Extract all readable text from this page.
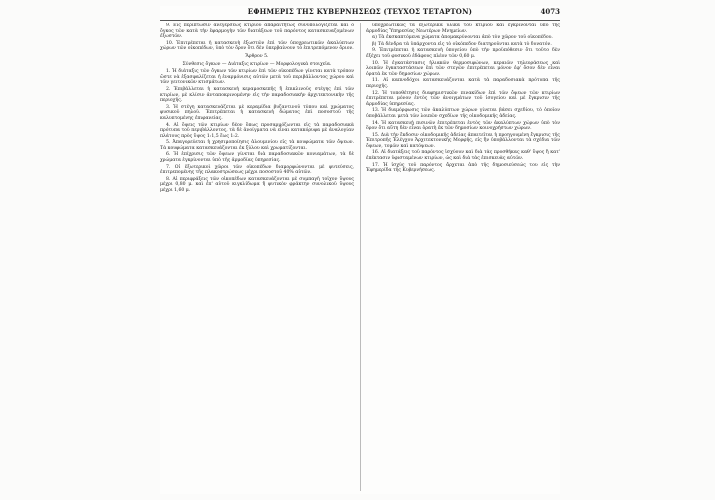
ΕΦΗΜΕΡΙΣ ΤΗΣ ΚΥΒΕΡΝΗΣΕΩΣ (ΤΕΥΧΟΣ ΤΕΤΑΡΤΟΝ)	4073

9. Εἰς περίπτωσιν ἀνεγέρσεως κτιρίου ἀπαραιτήτως συνυπολογίζεται καὶ ὁ ὄγκος τῶν κατὰ τὴν ἐφαρμογὴν τῶν διατάξεων τοῦ παρόντος κατασκευαζομένων ἐξωστῶν.

10. Ἐπιτρέπεται ἡ κατασκευὴ ἐξωστῶν ἐπὶ τῶν ὑποχρεωτικῶν ἀκαλύπτων χώρων τῶν οἰκοπέδων, ὑπὸ τὸν ὅρον ὅτι δὲν ὑπερβαίνουν τὸ ἐπιτρεπόμενον ὄριον.

Ἄρθρον 5.

Σύνθεσις ὄγκων — Διάταξις κτιρίων — Μορφολογικὰ στοιχεῖα.

1. Ἡ διάταξις τῶν ὄγκων τῶν κτιρίων ἐπὶ τῶν οἰκοπέδων γίνεται κατὰ τρόπον ὥστε νὰ ἐξασφαλίζεται ἡ ἐναρμόνισις αὐτῶν μετὰ τοῦ περιβάλλοντος χώρου καὶ τῶν γειτονικῶν κτισμάτων.

2. Ἐπιβάλλεται ἡ κατασκευὴ κεραμοσκεπῆς ἢ ἐπικλινοῦς στέγης ἐπὶ τῶν κτιρίων, μὲ κλίσιν ἀνταποκρινομένην εἰς τὴν παραδοσιακὴν ἀρχιτεκτονικὴν τῆς περιοχῆς.

3. Ἡ στέγη κατασκευάζεται μὲ κεραμίδια βυζαντινοῦ τύπου καὶ χρώματος φυσικοῦ πηλοῦ. Ἐπιτρέπεται ἡ κατασκευὴ δώματος ἐπὶ ποσοστοῦ τῆς καλυπτομένης ἐπιφανείας.

4. Αἱ ὄψεις τῶν κτιρίων δέον ὅπως προσαρμόζωνται εἰς τὰ παραδοσιακὰ πρότυπα τοῦ περιβάλλοντος, τὰ δὲ ἀνοίγματα νὰ εἶναι κατακόρυφα μὲ ἀναλογίαν πλάτους πρὸς ὕψος 1:1,5 ἕως 1:2.

5. Ἀπαγορεύεται ἡ χρησιμοποίησις ἀλουμινίου εἰς τὰ κουφώματα τῶν ὄψεων. Τὰ κουφώματα κατασκευάζονται ἐκ ξύλου καὶ χρωματίζονται.

6. Ἡ ἐπίχρισις τῶν ὄψεων γίνεται διὰ παραδοσιακῶν κονιαμάτων, τὰ δὲ χρώματα ἐγκρίνονται ὑπὸ τῆς ἁρμοδίας ὑπηρεσίας.

7. Οἱ ἐξωτερικοὶ χῶροι τῶν οἰκοπέδων διαμορφώνονται μὲ φυτεύσεις, ἐπιτρεπομένης τῆς πλακοστρώσεως μέχρι ποσοστοῦ 40% αὐτῶν.

8. Αἱ περιφράξεις τῶν οἰκοπέδων κατασκευάζονται μὲ συμπαγῆ τοῖχον ὕψους μέχρι 0,80 μ. καὶ ἐπ' αὐτοῦ κιγκλίδωμα ἢ φυτικὸν φράκτην συνολικοῦ ὕψους μέχρι 1,60 μ.

υποχρεωτικῶς τὰ ἐξωτερικὰ ὑλικὰ τοῦ κτιρίου καὶ ἐγκρίνονται ὑπὸ τῆς ἁρμοδίας Ὑπηρεσίας Νεωτέρων Μνημείων.

α) Τὰ ἐκσκαπτόμενα χώματα ἀπομακρύνονται ἀπὸ τὸν χῶρον τοῦ οἰκοπέδου.

β) Τὰ δένδρα τὰ ὑπάρχοντα εἰς τὸ οἰκόπεδον διατηροῦνται κατὰ τὸ δυνατόν.

9. Ἐπιτρέπεται ἡ κατασκευὴ ὑπογείου ὑπὸ τὴν προϋπόθεσιν ὅτι τοῦτο δὲν ἐξέχει τοῦ φυσικοῦ ἐδάφους πλέον τῶν 0,60 μ.

10. Ἡ ἐγκατάστασις ἠλιακῶν θερμοσιφώνων, κεραιῶν τηλεοράσεως καὶ λοιπῶν ἐγκαταστάσεων ἐπὶ τῶν στεγῶν ἐπιτρέπεται μόνον ἐφ' ὅσον δὲν εἶναι ὁρατὰ ἐκ τῶν δημοσίων χώρων.

11. Αἱ καπνοδόχοι κατασκευάζονται κατὰ τὰ παραδοσιακὰ πρότυπα τῆς περιοχῆς.

12. Ἡ τοποθέτησις διαφημιστικῶν πινακίδων ἐπὶ τῶν ὄψεων τῶν κτιρίων ἐπιτρέπεται μόνον ἐντὸς τῶν ἀνοιγμάτων τοῦ ἰσογείου καὶ μὲ ἔγκρισιν τῆς ἁρμοδίας ὑπηρεσίας.

13. Ἡ διαμόρφωσις τῶν ἀκαλύπτων χώρων γίνεται βάσει σχεδίου, τὸ ὁποῖον ὑποβάλλεται μετὰ τῶν λοιπῶν σχεδίων τῆς οἰκοδομικῆς ἀδείας.

14. Ἡ κατασκευὴ πισινῶν ἐπιτρέπεται ἐντὸς τῶν ἀκαλύπτων χώρων ὑπὸ τὸν ὅρον ὅτι αὕτη δὲν εἶναι ὁρατὴ ἐκ τῶν δημοσίων κοινοχρήστων χώρων.

15. Διὰ τὴν ἔκδοσιν οἰκοδομικῆς ἀδείας ἀπαιτεῖται ἡ προηγουμένη ἔγκρισις τῆς Ἐπιτροπῆς Ἐλέγχου Ἀρχιτεκτονικῆς Μορφῆς, εἰς ἣν ὑποβάλλονται τὰ σχέδια τῶν ὄψεων, τομῶν καὶ κατόψεων.

16. Αἱ διατάξεις τοῦ παρόντος ἰσχύουν καὶ διὰ τὰς προσθήκας καθ' ὕψος ἢ κατ' ἐπέκτασιν ὑφισταμένων κτιρίων, ὡς καὶ διὰ τὰς ἐπισκευὰς αὐτῶν.

17. Ἡ ἰσχὺς τοῦ παρόντος ἄρχεται ἀπὸ τῆς δημοσιεύσεώς του εἰς τὴν Ἐφημερίδα τῆς Κυβερνήσεως.
